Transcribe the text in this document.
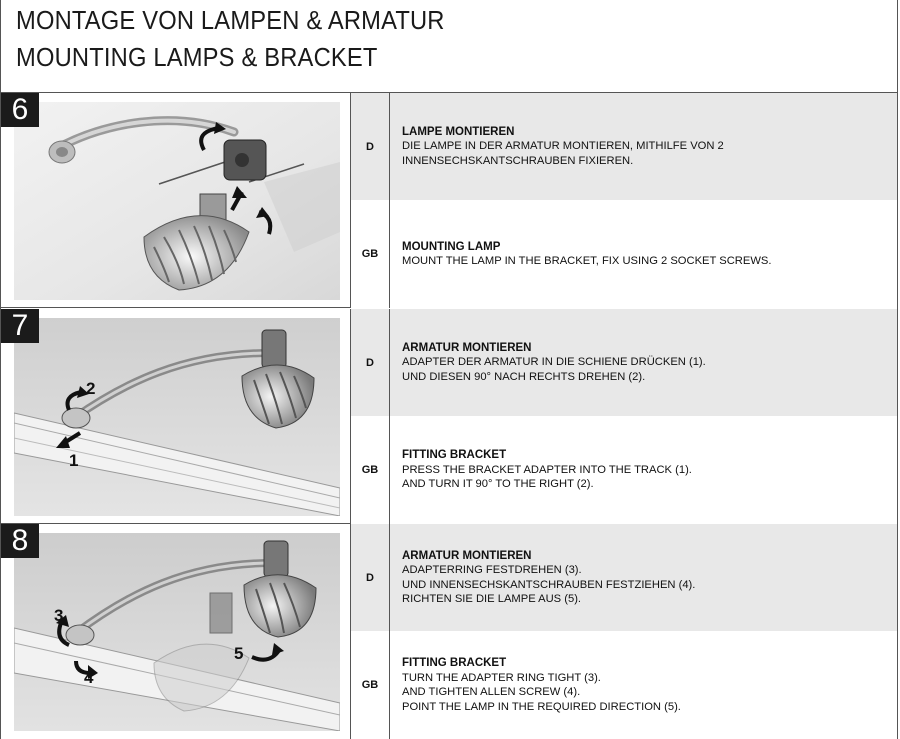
MONTAGE VON LAMPEN & ARMATUR
MOUNTING LAMPS & BRACKET
6
D
LAMPE MONTIEREN
DIE LAMPE IN DER ARMATUR MONTIEREN, MITHILFE VON 2
INNENSECHSKANTSCHRAUBEN FIXIEREN.
GB
MOUNTING LAMP
MOUNT THE LAMP IN THE BRACKET, FIX USING 2 SOCKET SCREWS.
7
2
1
D
ARMATUR MONTIEREN
ADAPTER DER ARMATUR IN DIE SCHIENE DRÜCKEN (1).
UND DIESEN 90° NACH RECHTS DREHEN (2).
GB
FITTING BRACKET
PRESS THE BRACKET ADAPTER INTO THE TRACK (1).
AND TURN IT 90° TO THE RIGHT (2).
8
3
4
5
D
ARMATUR MONTIEREN
ADAPTERRING FESTDREHEN (3).
UND INNENSECHSKANTSCHRAUBEN FESTZIEHEN (4).
RICHTEN SIE DIE LAMPE AUS (5).
GB
FITTING BRACKET
TURN THE ADAPTER RING TIGHT (3).
AND TIGHTEN ALLEN SCREW (4).
POINT THE LAMP IN THE REQUIRED DIRECTION (5).
